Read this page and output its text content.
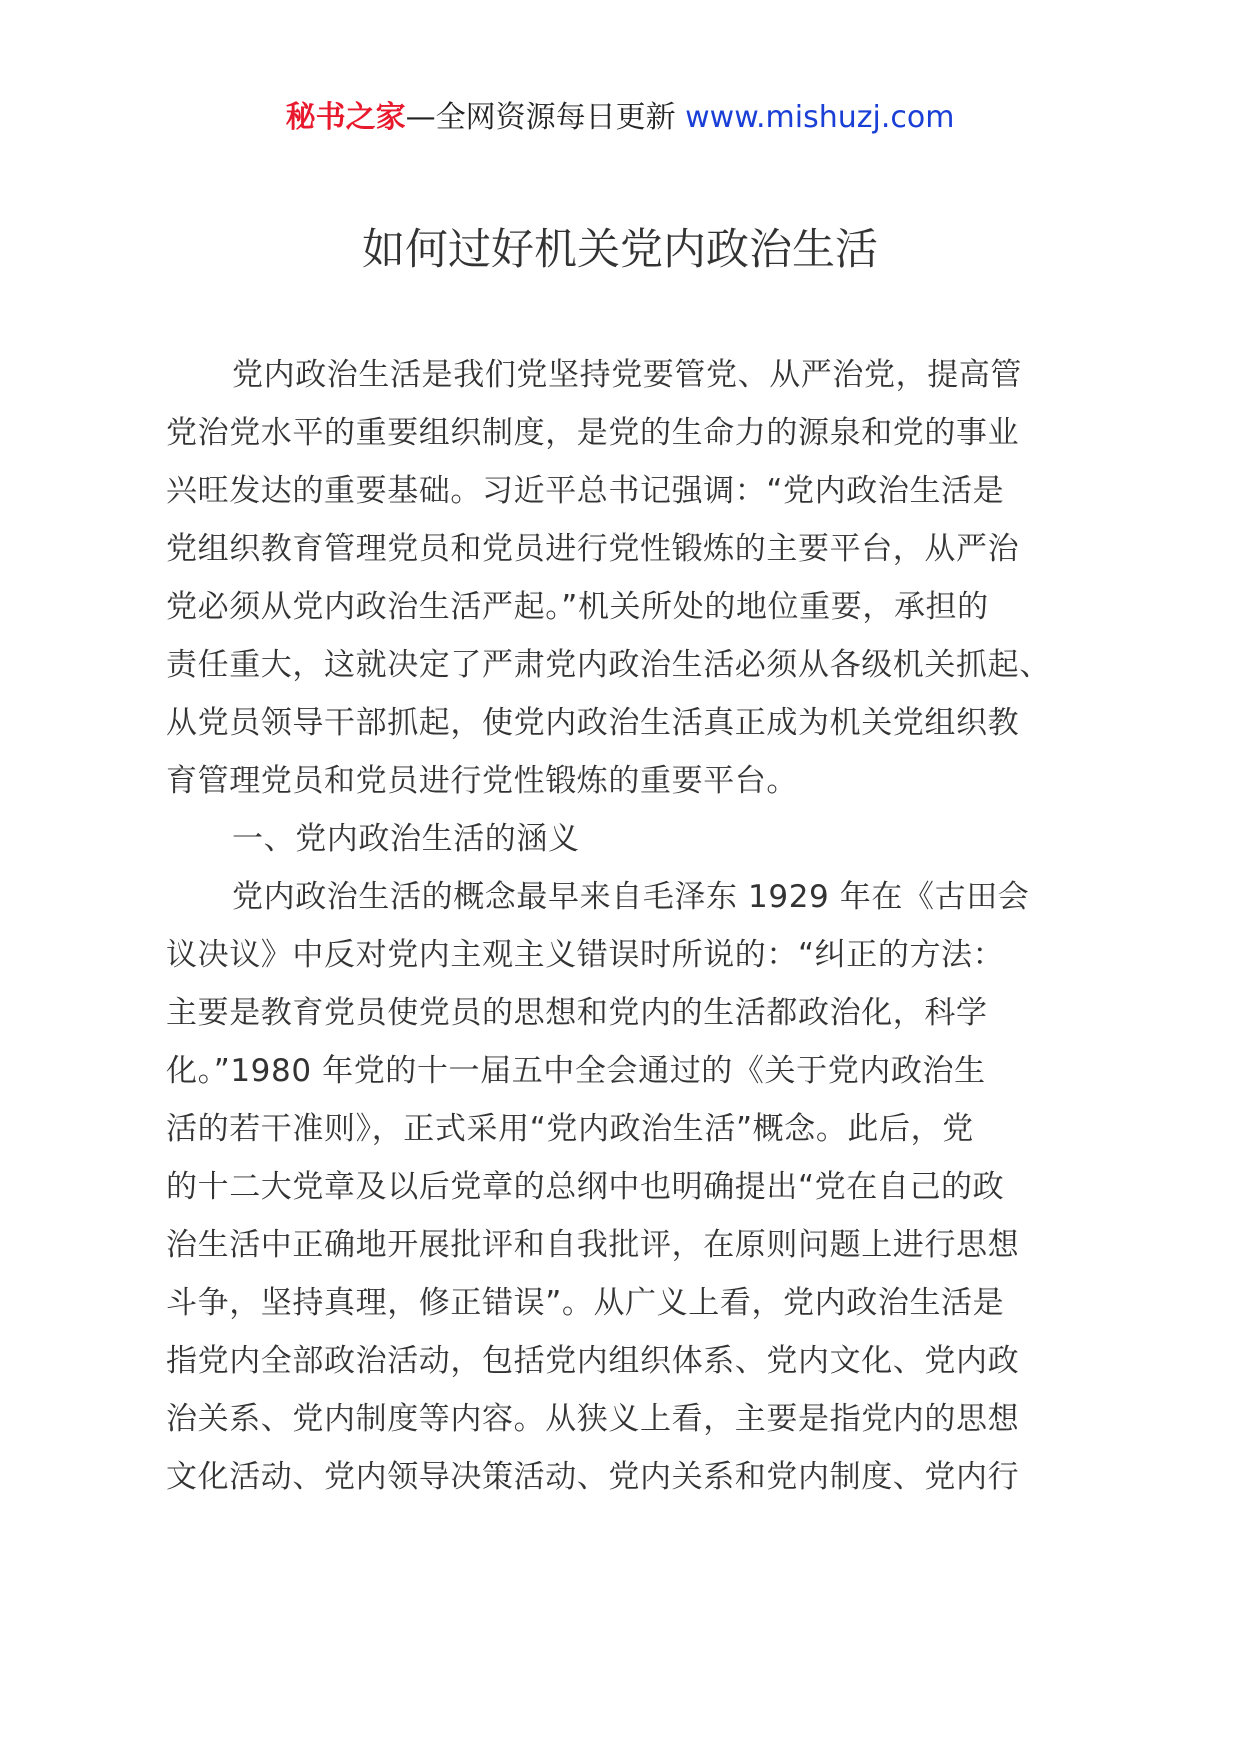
秘书之家—全网资源每日更新 www.mishuzj.com
如何过好机关党内政治生活
党内政治生活是我们党坚持党要管党、从严治党，提高管
党治党水平的重要组织制度，是党的生命力的源泉和党的事业
兴旺发达的重要基础。习近平总书记强调：“党内政治生活是
党组织教育管理党员和党员进行党性锻炼的主要平台，从严治
党必须从党内政治生活严起。”机关所处的地位重要，承担的
责任重大，这就决定了严肃党内政治生活必须从各级机关抓起、
从党员领导干部抓起，使党内政治生活真正成为机关党组织教
育管理党员和党员进行党性锻炼的重要平台。
一、党内政治生活的涵义
党内政治生活的概念最早来自毛泽东 1929 年在《古田会
议决议》中反对党内主观主义错误时所说的：“纠正的方法：
主要是教育党员使党员的思想和党内的生活都政治化，科学
化。”1980 年党的十一届五中全会通过的《关于党内政治生
活的若干准则》，正式采用“党内政治生活”概念。此后，党
的十二大党章及以后党章的总纲中也明确提出“党在自己的政
治生活中正确地开展批评和自我批评，在原则问题上进行思想
斗争，坚持真理，修正错误”。从广义上看，党内政治生活是
指党内全部政治活动，包括党内组织体系、党内文化、党内政
治关系、党内制度等内容。从狭义上看，主要是指党内的思想
文化活动、党内领导决策活动、党内关系和党内制度、党内行
